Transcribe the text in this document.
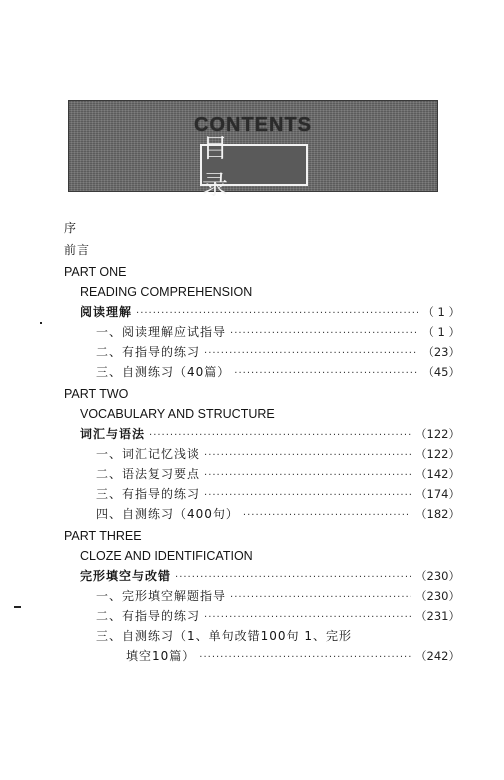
CONTENTS
目 录
序
前言
PART ONE
READING COMPREHENSION
阅读理解 ·····	（ 1 ）
一、阅读理解应试指导 ·····	（ 1 ）
二、有指导的练习 ·····	（23）
三、自测练习（40篇） ·····	（45）
PART TWO
VOCABULARY AND STRUCTURE
词汇与语法 ·····	（122）
一、词汇记忆浅谈 ·····	（122）
二、语法复习要点 ·····	（142）
三、有指导的练习 ·····	（174）
四、自测练习（400句） ·····	（182）
PART THREE
CLOZE AND IDENTIFICATION
完形填空与改错 ·····	（230）
一、完形填空解题指导 ·····	（230）
二、有指导的练习 ·····	（231）
三、自测练习（1、单句改错100句 1、完形
填空10篇） ·····	（242）
